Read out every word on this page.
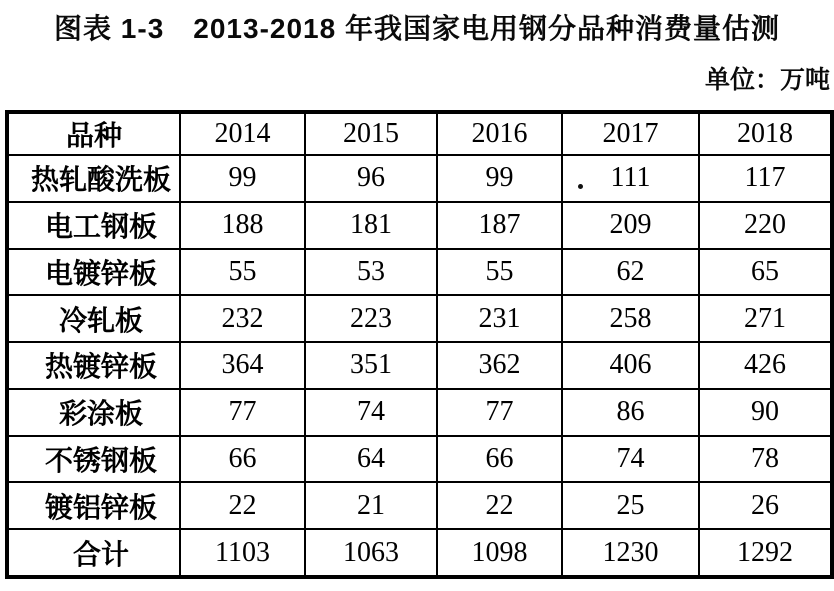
图表 1-3　2013-2018 年我国家电用钢分品种消费量估测
单位：万吨
品种	2014	2015	2016	2017	2018
热轧酸洗板	99	96	99	111	117
电工钢板	188	181	187	209	220
电镀锌板	55	53	55	62	65
冷轧板	232	223	231	258	271
热镀锌板	364	351	362	406	426
彩涂板	77	74	77	86	90
不锈钢板	66	64	66	74	78
镀铝锌板	22	21	22	25	26
合计	1103	1063	1098	1230	1292
